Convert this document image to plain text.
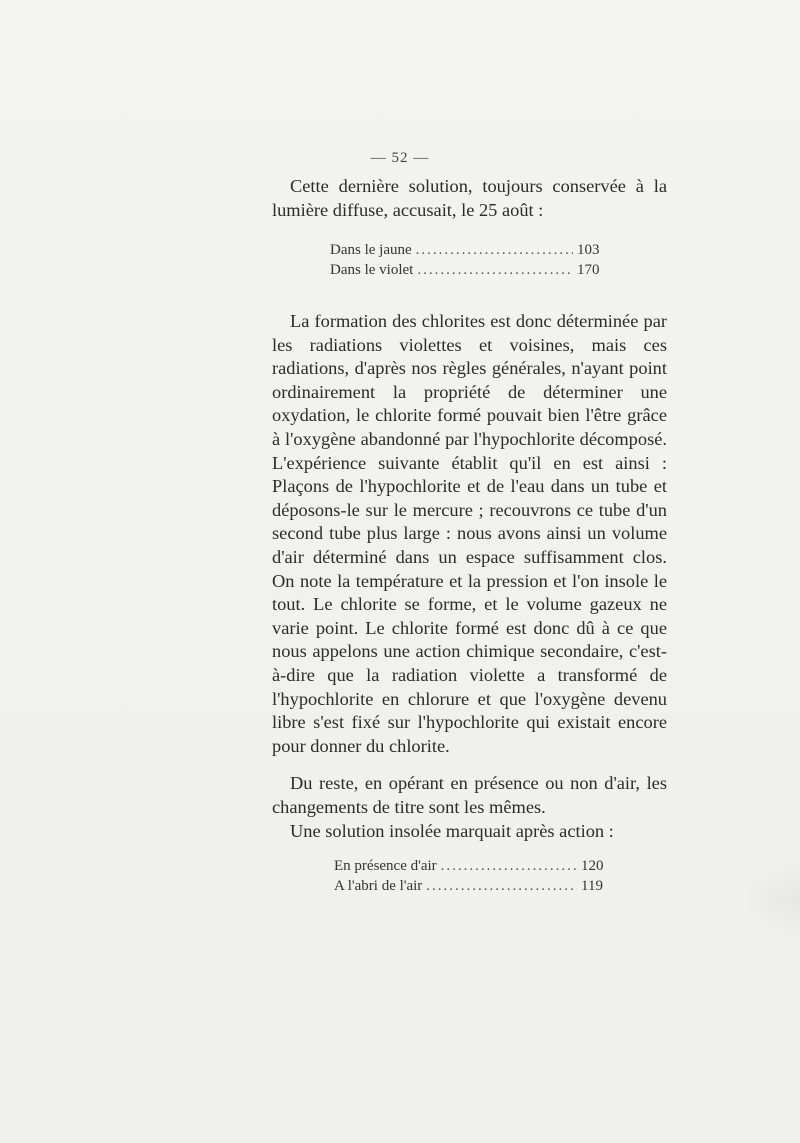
— 52 —

Cette dernière solution, toujours conservée à la lumière diffuse, accusait, le 25 août :

Dans le jaune .....	103
Dans le violet .....	170

La formation des chlorites est donc déterminée par les radiations violettes et voisines, mais ces radiations, d'après nos règles générales, n'ayant point ordinairement la propriété de déterminer une oxydation, le chlorite formé pouvait bien l'être grâce à l'oxygène abandonné par l'hypochlorite décomposé. L'expérience suivante établit qu'il en est ainsi : Plaçons de l'hypochlorite et de l'eau dans un tube et déposons-le sur le mercure ; recouvrons ce tube d'un second tube plus large : nous avons ainsi un volume d'air déterminé dans un espace suffisamment clos. On note la température et la pression et l'on insole le tout. Le chlorite se forme, et le volume gazeux ne varie point. Le chlorite formé est donc dû à ce que nous appelons une action chimique secondaire, c'est-à-dire que la radiation violette a transformé de l'hypochlorite en chlorure et que l'oxygène devenu libre s'est fixé sur l'hypochlorite qui existait encore pour donner du chlorite.

Du reste, en opérant en présence ou non d'air, les changements de titre sont les mêmes.

Une solution insolée marquait après action :

En présence d'air .....	120
A l'abri de l'air .....	119
